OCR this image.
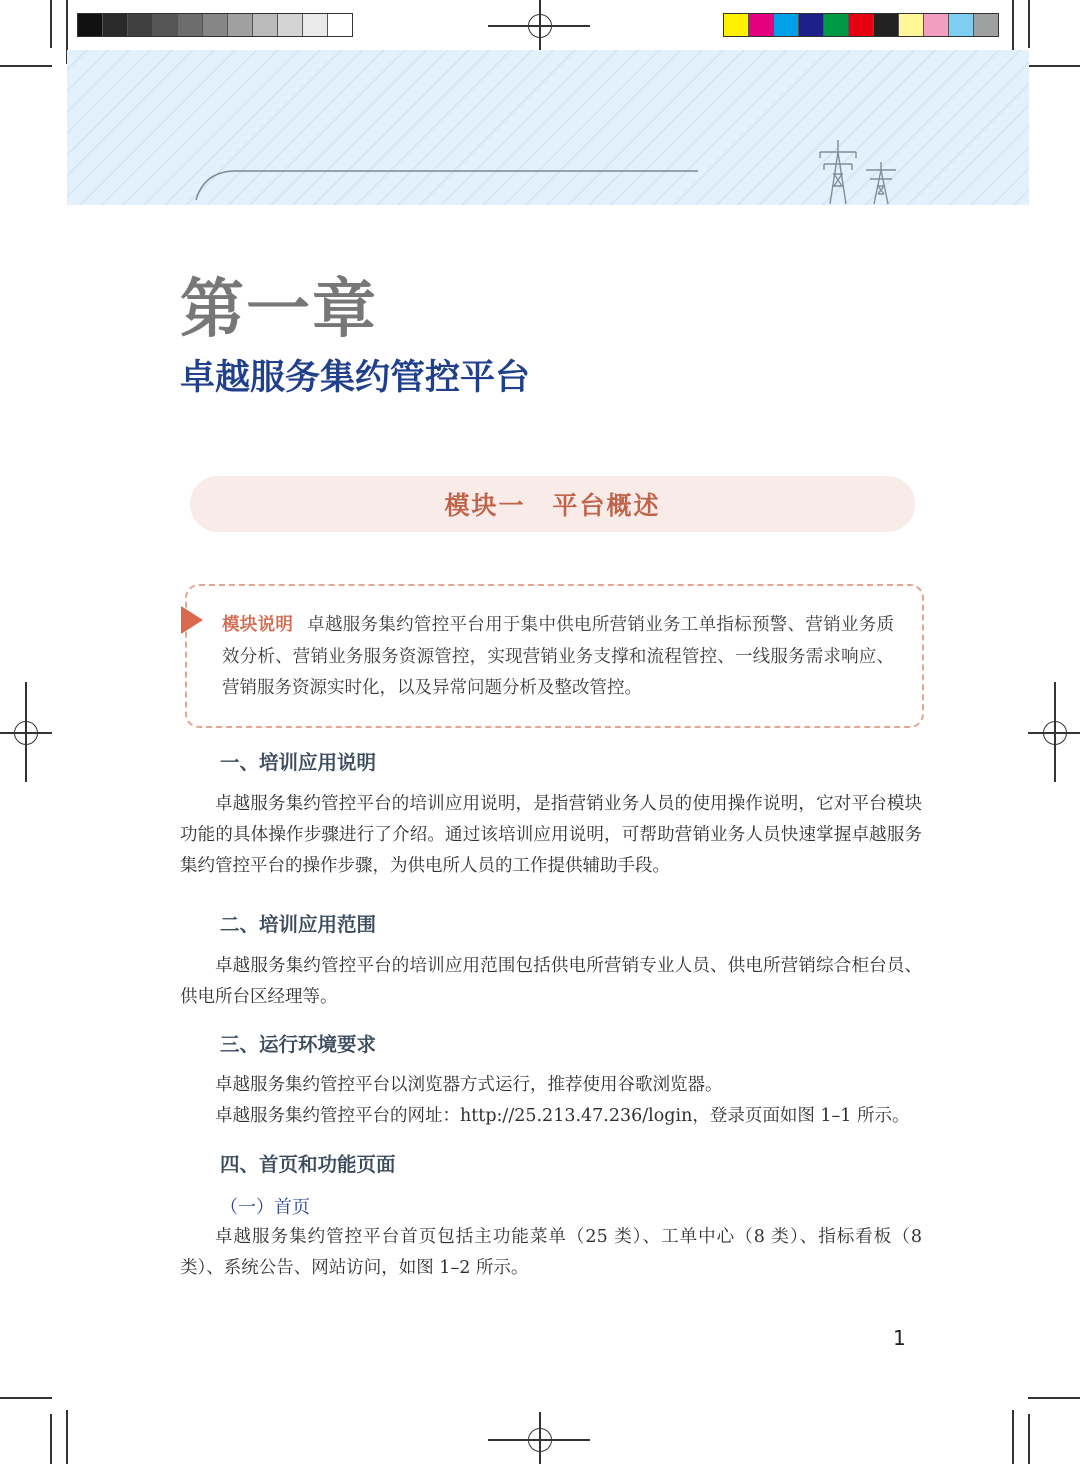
第一章
卓越服务集约管控平台
模块一　平台概述
模块说明 卓越服务集约管控平台用于集中供电所营销业务工单指标预警、营销业务质效分析、营销业务服务资源管控，实现营销业务支撑和流程管控、一线服务需求响应、营销服务资源实时化，以及异常问题分析及整改管控。
一、培训应用说明

卓越服务集约管控平台的培训应用说明，是指营销业务人员的使用操作说明，它对平台模块功能的具体操作步骤进行了介绍。通过该培训应用说明，可帮助营销业务人员快速掌握卓越服务集约管控平台的操作步骤，为供电所人员的工作提供辅助手段。

二、培训应用范围

卓越服务集约管控平台的培训应用范围包括供电所营销专业人员、供电所营销综合柜台员、供电所台区经理等。

三、运行环境要求

卓越服务集约管控平台以浏览器方式运行，推荐使用谷歌浏览器。

卓越服务集约管控平台的网址：http://25.213.47.236/login，登录页面如图 1–1 所示。

四、首页和功能页面
（一）首页

卓越服务集约管控平台首页包括主功能菜单（25 类）、工单中心（8 类）、指标看板（8 类）、系统公告、网站访问，如图 1–2 所示。

1
